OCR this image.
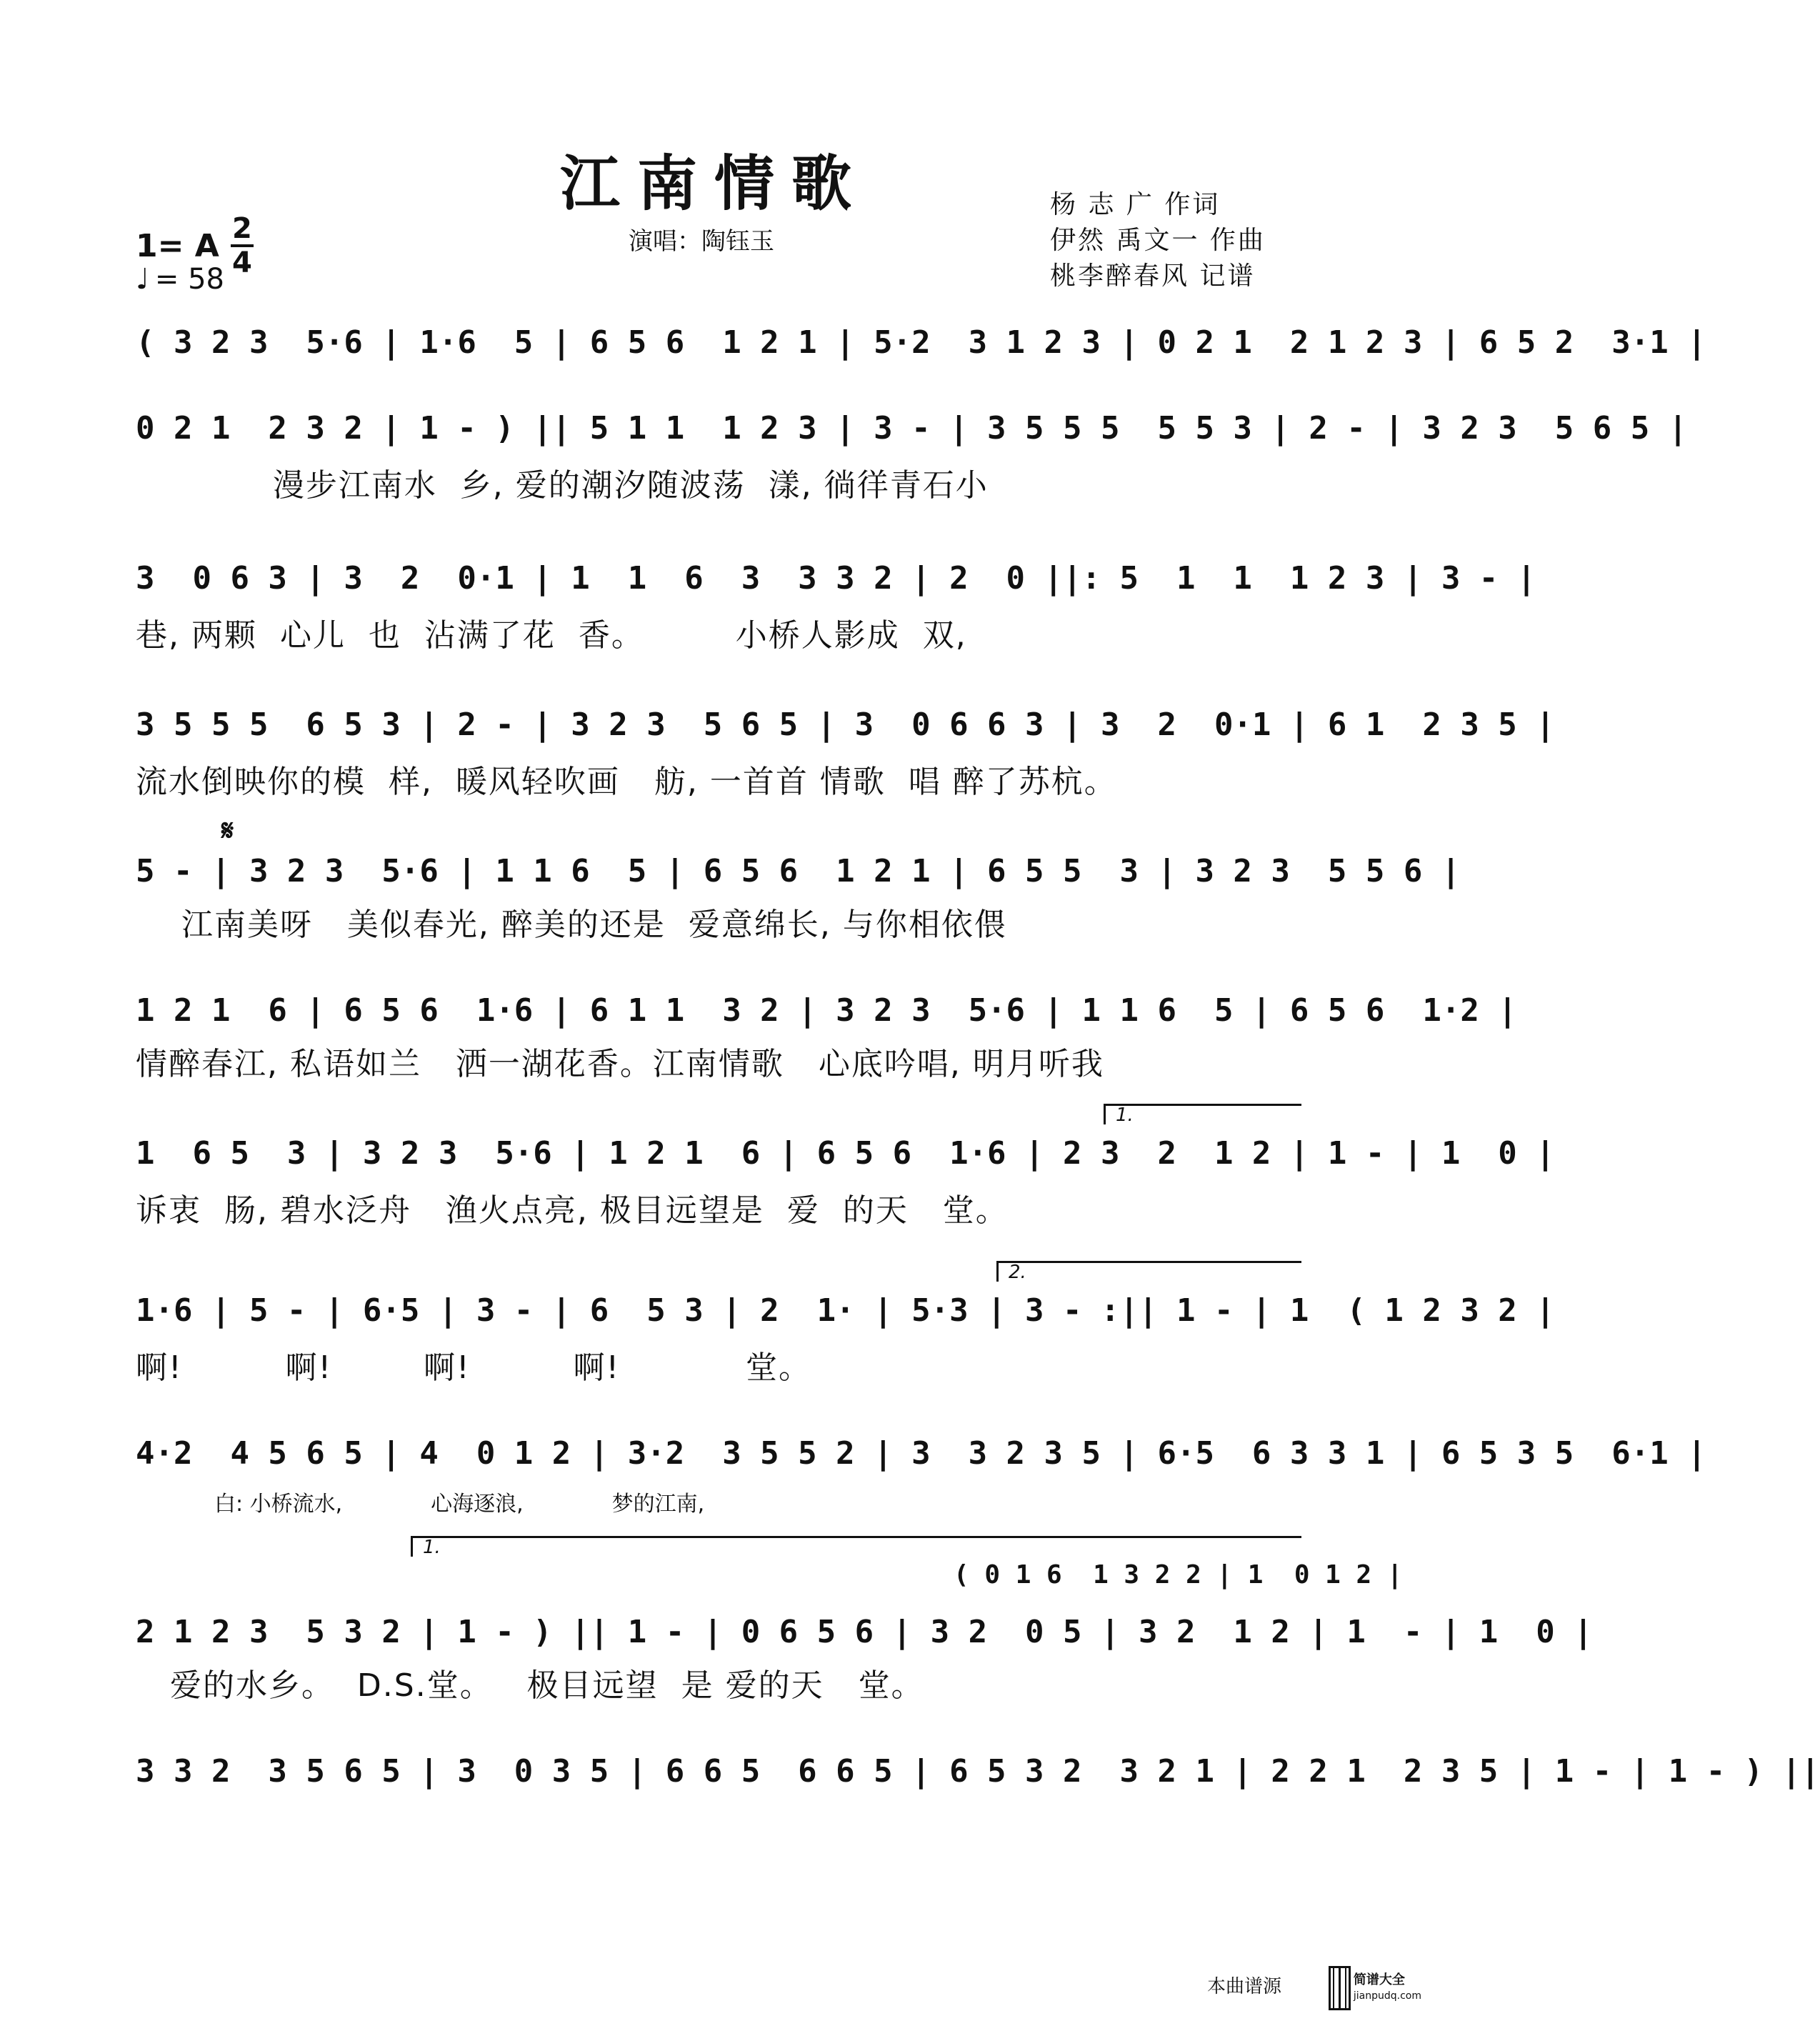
江南情歌
1= A $\frac{2}{4}$
♩ = 58
演唱：陶钰玉
杨 志 广 作词
伊然 禹文一 作曲
桃李醉春风 记谱
( 3 2 3  5·6 | 1·6  5 | 6 5 6  1 2 1 | 5·2  3 1 2 3 | 0 2 1  2 1 2 3 | 6 5 2  3·1 |
0 2 1  2 3 2 | 1 - ) || 5 1 1  1 2 3 | 3 - | 3 5 5 5  5 5 3 | 2 - | 3 2 3  5 6 5 |
漫步江南水  乡, 爱的潮汐随波荡  漾, 徜徉青石小
3  0 6 3 | 3  2  0·1 | 1  1  6  3  3 3 2 | 2  0 ||: 5  1  1  1 2 3 | 3 - |
巷, 两颗  心儿  也  沾满了花  香。        小桥人影成  双,
3 5 5 5  6 5 3 | 2 - | 3 2 3  5 6 5 | 3  0 6 6 3 | 3  2  0·1 | 6 1  2 3 5 |
流水倒映你的模  样,  暖风轻吹画   舫, 一首首 情歌  唱 醉了苏杭。
𝄋
5 - | 3 2 3  5·6 | 1 1 6  5 | 6 5 6  1 2 1 | 6 5 5  3 | 3 2 3  5 5 6 |
江南美呀   美似春光, 醉美的还是  爱意绵长, 与你相依偎
1 2 1  6 | 6 5 6  1·6 | 6 1 1  3 2 | 3 2 3  5·6 | 1 1 6  5 | 6 5 6  1·2 |
情醉春江, 私语如兰   洒一湖花香。江南情歌   心底吟唱, 明月听我
1.
1  6 5  3 | 3 2 3  5·6 | 1 2 1  6 | 6 5 6  1·6 | 2 3  2  1 2 | 1 - | 1  0 |
诉衷  肠, 碧水泛舟   渔火点亮, 极目远望是  爱  的天   堂。
2.
1·6 | 5 - | 6·5 | 3 - | 6  5 3 | 2  1· | 5·3 | 3 - :|| 1 - | 1  ( 1 2 3 2 |
啊!         啊!        啊!         啊!           堂。
4·2  4 5 6 5 | 4  0 1 2 | 3·2  3 5 5 2 | 3  3 2 3 5 | 6·5  6 3 3 1 | 6 5 3 5  6·1 |
白: 小桥流水,             心海逐浪,             梦的江南,
1.
( 0 1 6  1 3 2 2 | 1  0 1 2 |
2 1 2 3  5 3 2 | 1 - ) || 1 - | 0 6 5 6 | 3 2  0 5 | 3 2  1 2 | 1  - | 1  0 |
爱的水乡。  D.S.堂。   极目远望  是 爱的天   堂。
3 3 2  3 5 6 5 | 3  0 3 5 | 6 6 5  6 6 5 | 6 5 3 2  3 2 1 | 2 2 1  2 3 5 | 1 - | 1 - ) ||
本曲谱源	简谱大全
jianpudq.com
